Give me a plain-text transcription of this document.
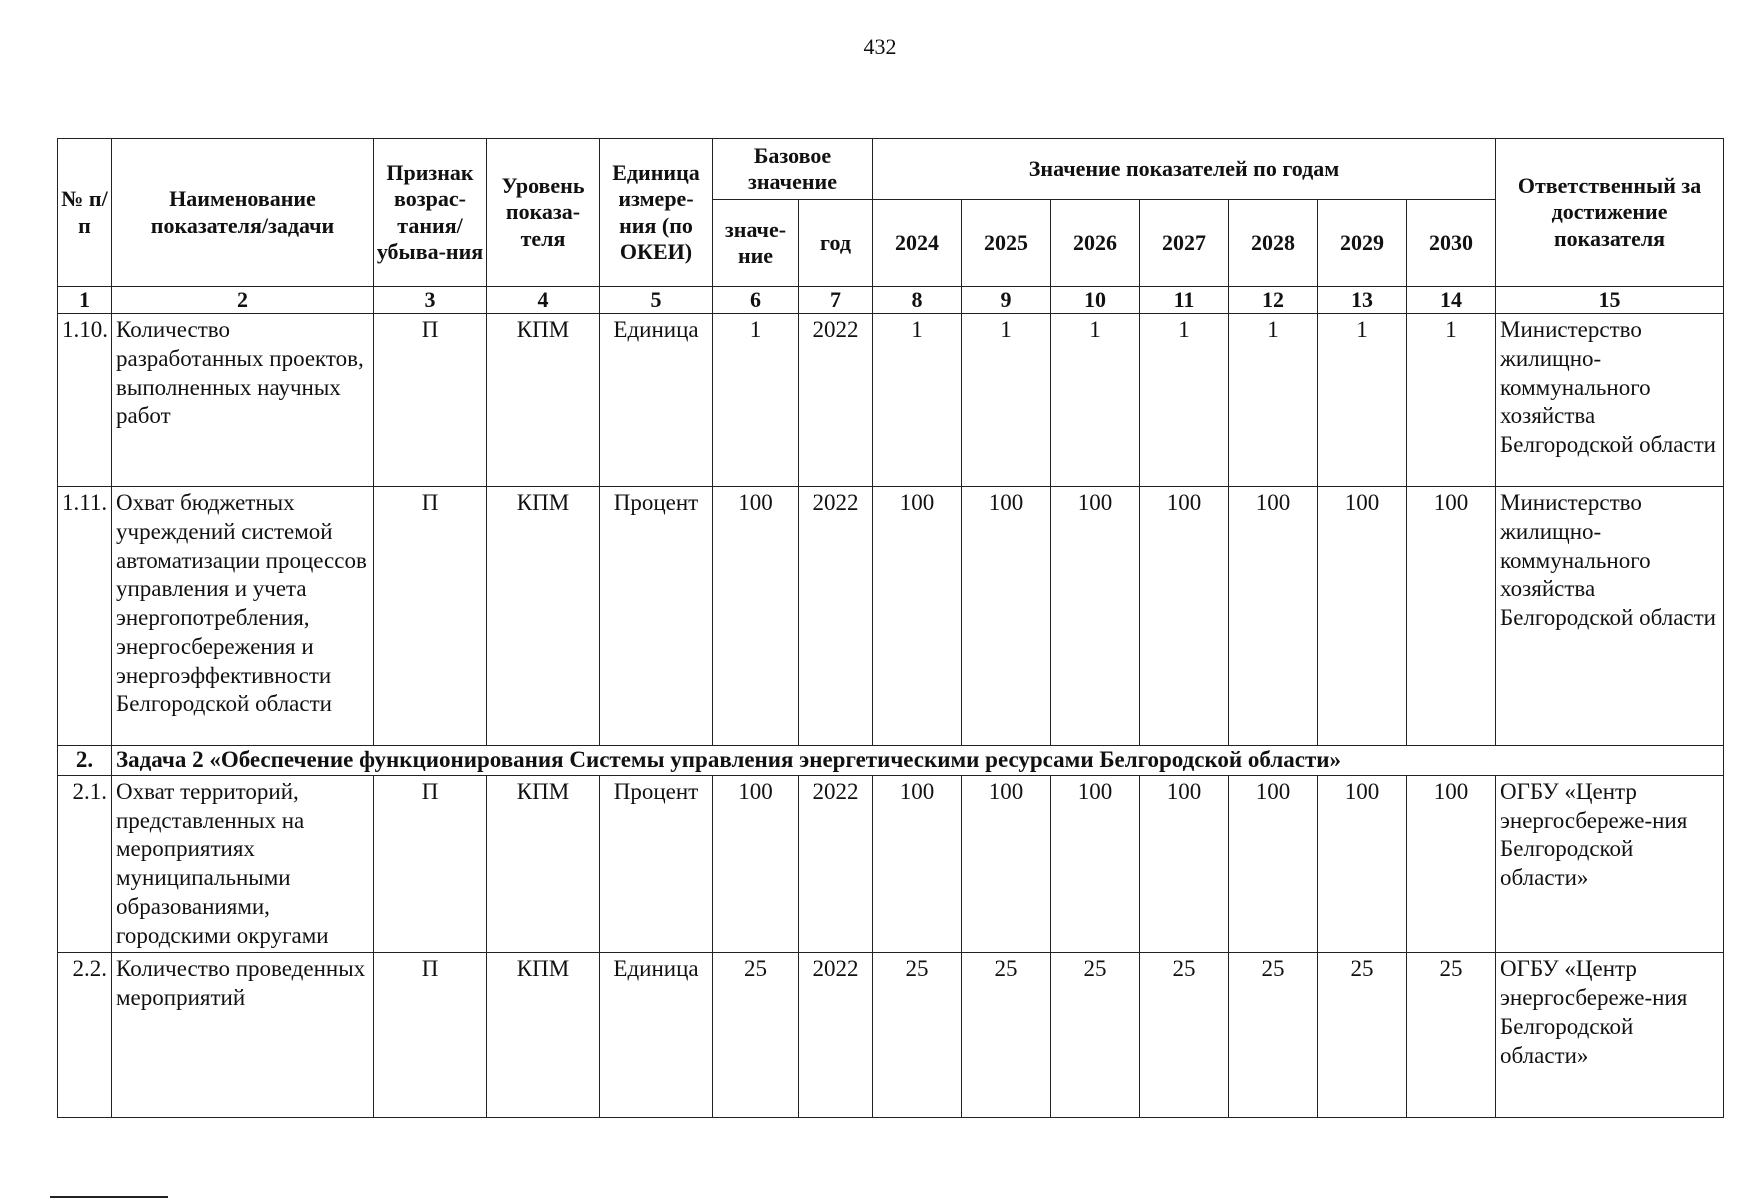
432
№ п/п	Наименование показателя/задачи	Признак возрас-тания/ убыва-ния	Уровень показа-теля	Единица измере-ния (по ОКЕИ)	Базовое значение		Значение показателей по годам							Ответственный за достижение показателя
					значе-ние	год	2024	2025	2026	2027	2028	2029	2030	
1	2	3	4	5	6	7	8	9	10	11	12	13	14	15
1.10.	Количество разработанных проектов, выполненных научных работ	П	КПМ	Единица	1	2022	1	1	1	1	1	1	1	Министерство жилищно-коммунального хозяйства Белгородской области
1.11.	Охват бюджетных учреждений системой автоматизации процессов управления и учета энергопотребления, энергосбережения и энергоэффективности Белгородской области	П	КПМ	Процент	100	2022	100	100	100	100	100	100	100	Министерство жилищно-коммунального хозяйства Белгородской области
2.	Задача 2 «Обеспечение функционирования Системы управления энергетическими ресурсами Белгородской области»													
2.1.	Охват территорий, представленных на мероприятиях муниципальными образованиями, городскими округами	П	КПМ	Процент	100	2022	100	100	100	100	100	100	100	ОГБУ «Центр энергосбереже-ния Белгородской области»
2.2.	Количество проведенных мероприятий	П	КПМ	Единица	25	2022	25	25	25	25	25	25	25	ОГБУ «Центр энергосбереже-ния Белгородской области»
